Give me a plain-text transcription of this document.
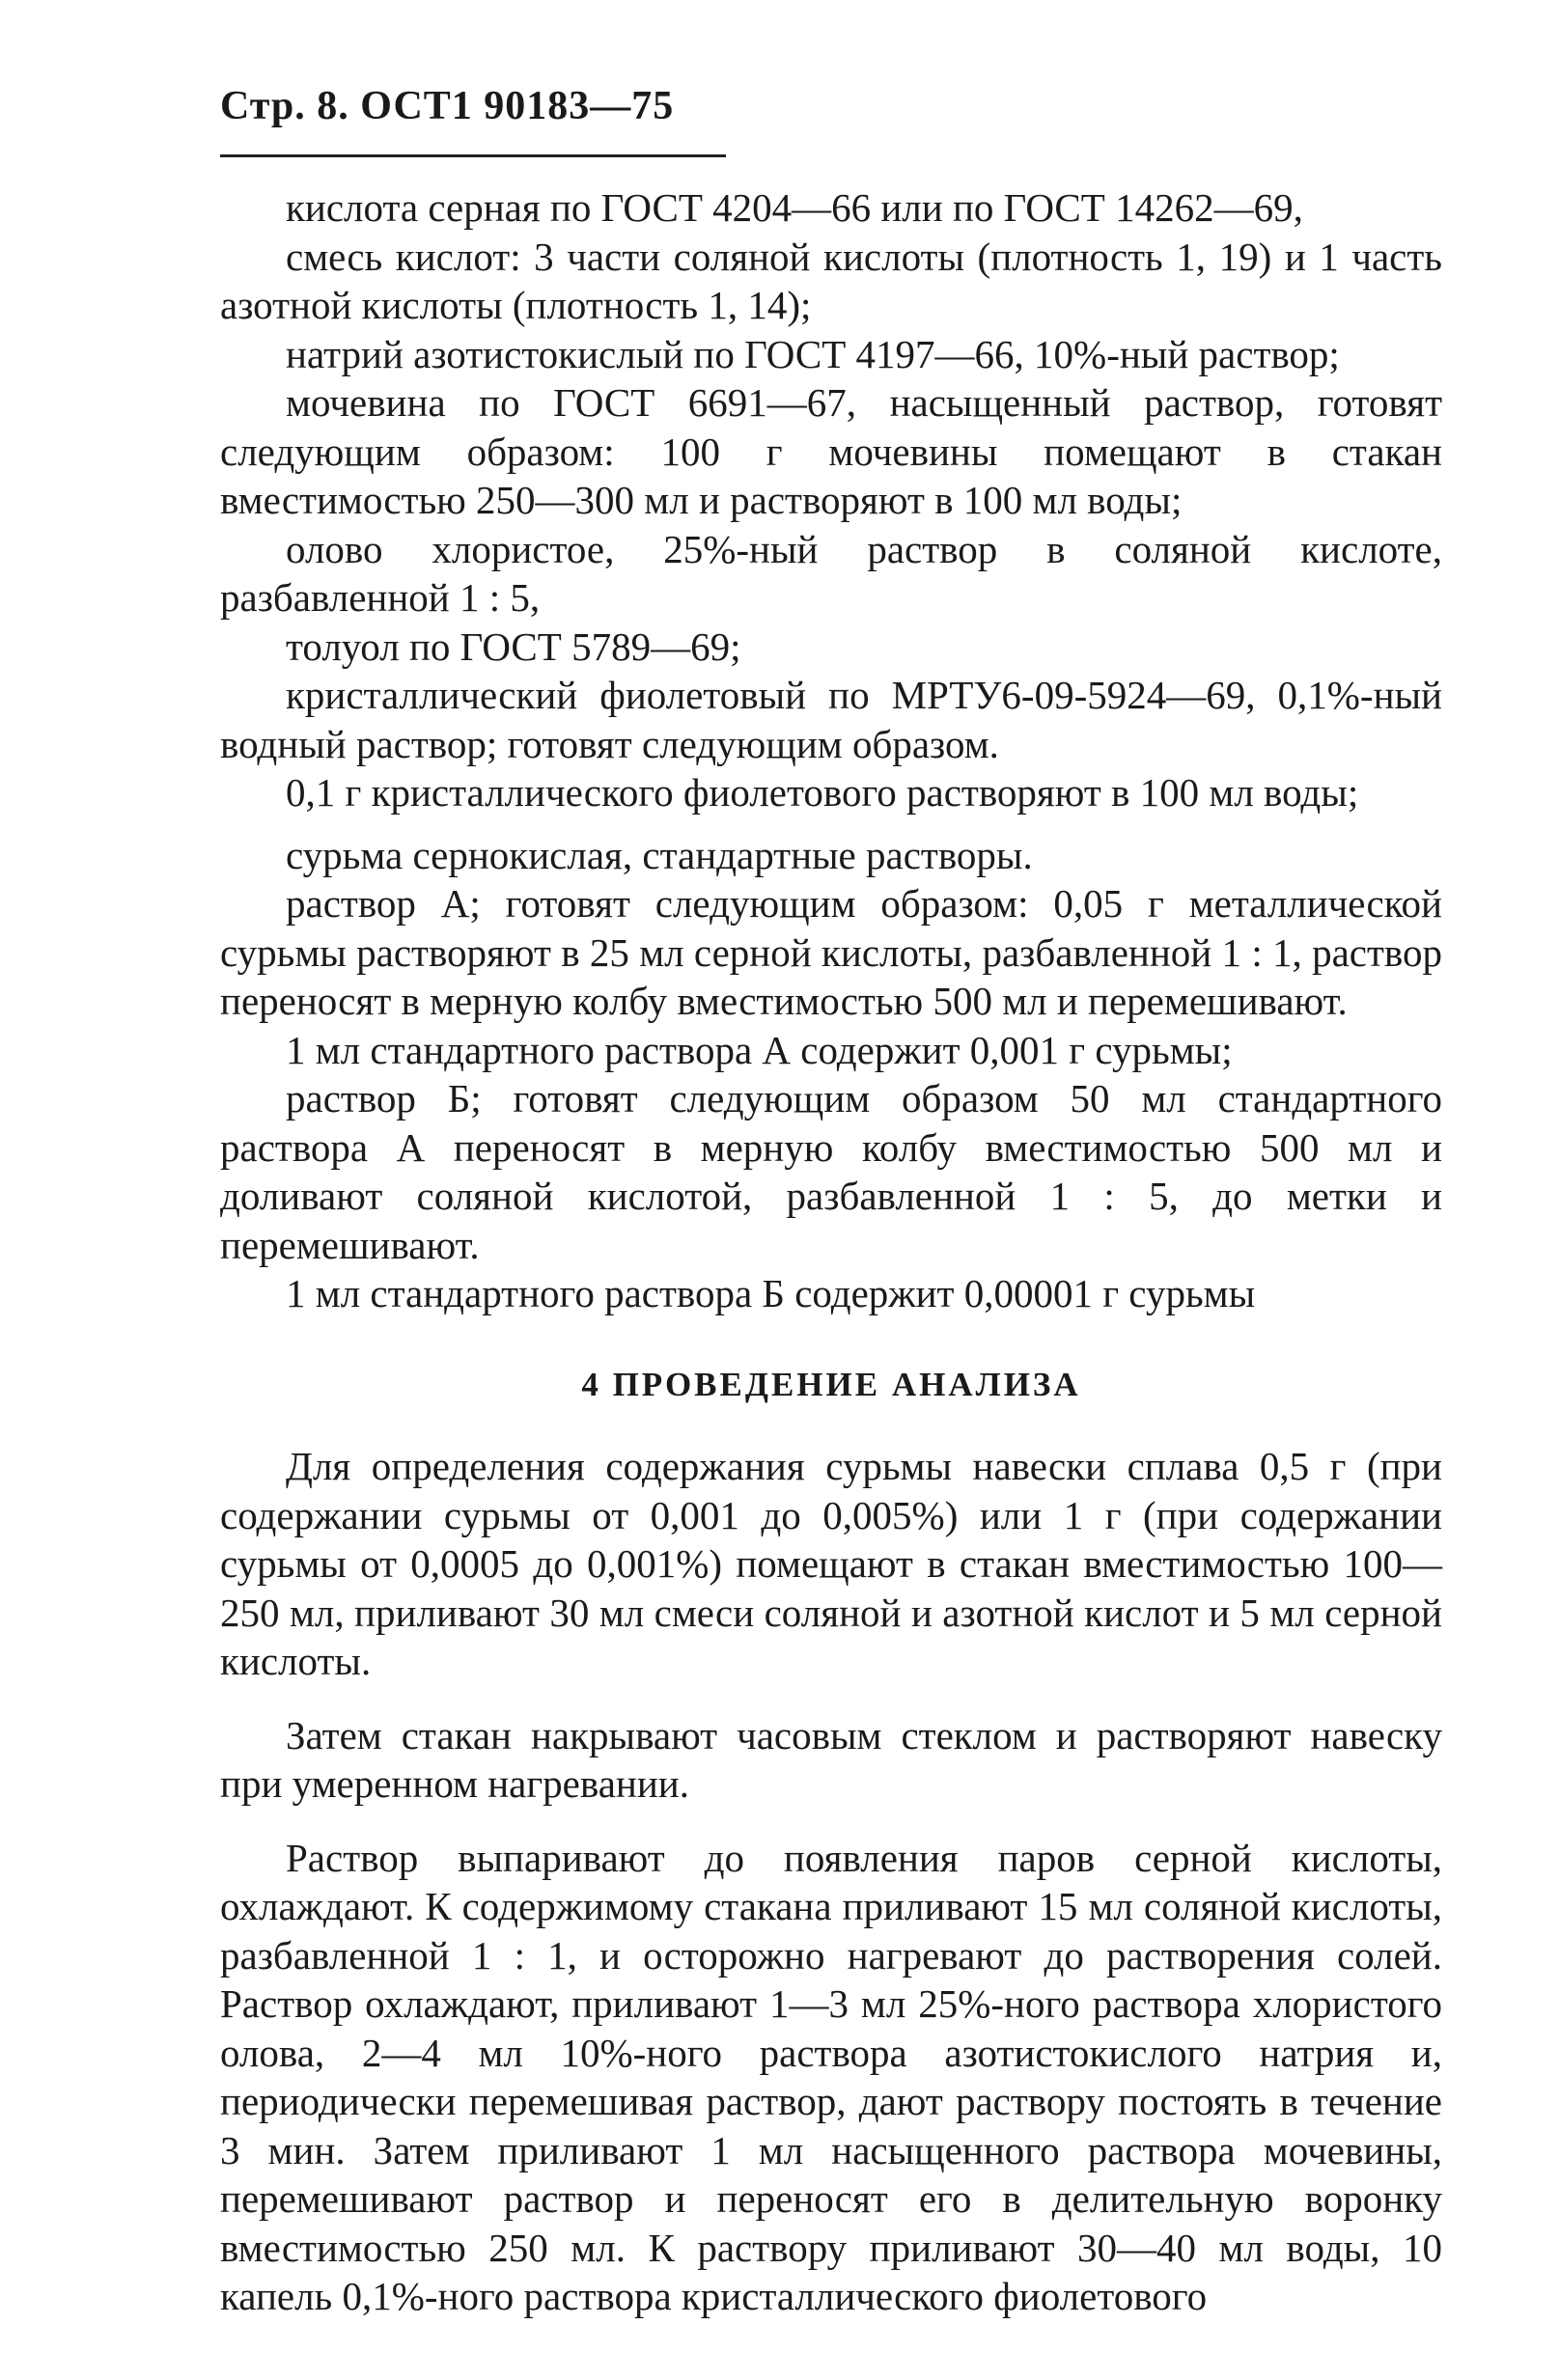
Стр. 8. ОСТ1 90183—75

кислота серная по ГОСТ 4204—66 или по ГОСТ 14262—69,

смесь кислот: 3 части соляной кислоты (плотность 1, 19) и 1 часть азотной кислоты (плотность 1, 14);

натрий азотистокислый по ГОСТ 4197—66, 10%-ный раствор;

мочевина по ГОСТ 6691—67, насыщенный раствор, готовят следующим образом: 100 г мочевины помещают в стакан вместимостью 250—300 мл и растворяют в 100 мл воды;

олово хлористое, 25%-ный раствор в соляной кислоте, разбавленной 1 : 5,

толуол по ГОСТ 5789—69;

кристаллический фиолетовый по МРТУ6-09-5924—69, 0,1%-ный водный раствор; готовят следующим образом.

0,1 г кристаллического фиолетового растворяют в 100 мл воды;

сурьма сернокислая, стандартные растворы.

раствор А; готовят следующим образом: 0,05 г металлической сурьмы растворяют в 25 мл серной кислоты, разбавленной 1 : 1, раствор переносят в мерную колбу вместимостью 500 мл и перемешивают.

1 мл стандартного раствора А содержит 0,001 г сурьмы;

раствор Б; готовят следующим образом 50 мл стандартного раствора А переносят в мерную колбу вместимостью 500 мл и доливают соляной кислотой, разбавленной 1 : 5, до метки и перемешивают.

1 мл стандартного раствора Б содержит 0,00001 г сурьмы

4 ПРОВЕДЕНИЕ АНАЛИЗА

Для определения содержания сурьмы навески сплава 0,5 г (при содержании сурьмы от 0,001 до 0,005%) или 1 г (при содержании сурьмы от 0,0005 до 0,001%) помещают в стакан вместимостью 100—250 мл, приливают 30 мл смеси соляной и азотной кислот и 5 мл серной кислоты.

Затем стакан накрывают часовым стеклом и растворяют навеску при умеренном нагревании.

Раствор выпаривают до появления паров серной кислоты, охлаждают. К содержимому стакана приливают 15 мл соляной кислоты, разбавленной 1 : 1, и осторожно нагревают до растворения солей. Раствор охлаждают, приливают 1—3 мл 25%-ного раствора хлористого олова, 2—4 мл 10%-ного раствора азотистокислого натрия и, периодически перемешивая раствор, дают раствору постоять в течение 3 мин. Затем приливают 1 мл насыщенного раствора мочевины, перемешивают раствор и переносят его в делительную воронку вместимостью 250 мл. К раствору приливают 30—40 мл воды, 10 капель 0,1%-ного раствора кристаллического фиолетового
